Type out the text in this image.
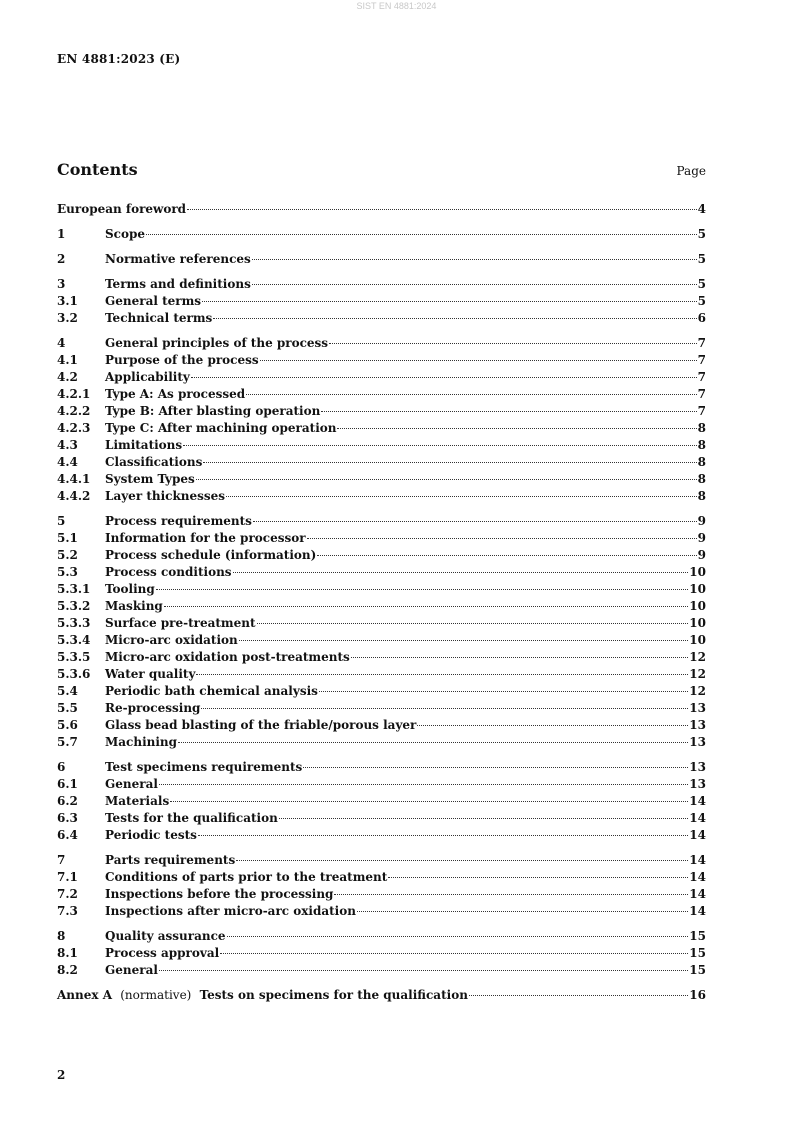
SIST EN 4881:2024
EN 4881:2023 (E)
Contents	Page
European foreword	4
1	Scope	5
2	Normative references	5
3	Terms and definitions	5
3.1	General terms	5
3.2	Technical terms	6
4	General principles of the process	7
4.1	Purpose of the process	7
4.2	Applicability	7
4.2.1	Type A: As processed	7
4.2.2	Type B: After blasting operation	7
4.2.3	Type C: After machining operation	8
4.3	Limitations	8
4.4	Classifications	8
4.4.1	System Types	8
4.4.2	Layer thicknesses	8
5	Process requirements	9
5.1	Information for the processor	9
5.2	Process schedule (information)	9
5.3	Process conditions	10
5.3.1	Tooling	10
5.3.2	Masking	10
5.3.3	Surface pre-treatment	10
5.3.4	Micro-arc oxidation	10
5.3.5	Micro-arc oxidation post-treatments	12
5.3.6	Water quality	12
5.4	Periodic bath chemical analysis	12
5.5	Re-processing	13
5.6	Glass bead blasting of the friable/porous layer	13
5.7	Machining	13
6	Test specimens requirements	13
6.1	General	13
6.2	Materials	14
6.3	Tests for the qualification	14
6.4	Periodic tests	14
7	Parts requirements	14
7.1	Conditions of parts prior to the treatment	14
7.2	Inspections before the processing	14
7.3	Inspections after micro-arc oxidation	14
8	Quality assurance	15
8.1	Process approval	15
8.2	General	15
Annex A (normative) Tests on specimens for the qualification	16
2
